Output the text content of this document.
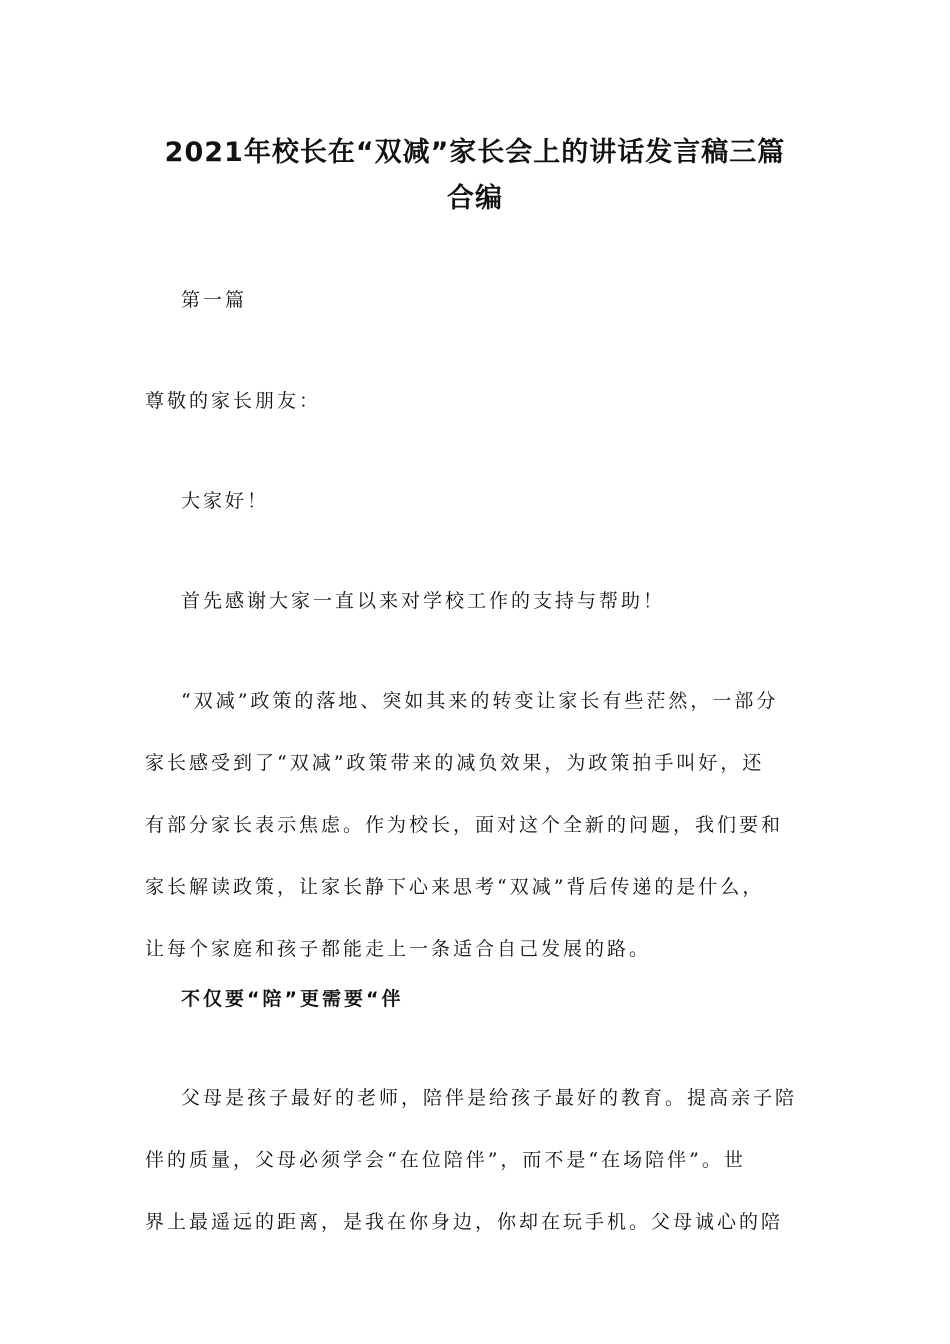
2021年校长在“双减”家长会上的讲话发言稿三篇
合编
第一篇
尊敬的家长朋友：
大家好！
首先感谢大家一直以来对学校工作的支持与帮助！
“双减”政策的落地、突如其来的转变让家长有些茫然，一部分
家长感受到了“双减”政策带来的减负效果，为政策拍手叫好，还
有部分家长表示焦虑。作为校长，面对这个全新的问题，我们要和
家长解读政策，让家长静下心来思考“双减”背后传递的是什么，
让每个家庭和孩子都能走上一条适合自己发展的路。
不仅要“陪”更需要“伴
父母是孩子最好的老师，陪伴是给孩子最好的教育。提高亲子陪
伴的质量，父母必须学会“在位陪伴”，而不是“在场陪伴”。世
界上最遥远的距离，是我在你身边，你却在玩手机。父母诚心的陪
